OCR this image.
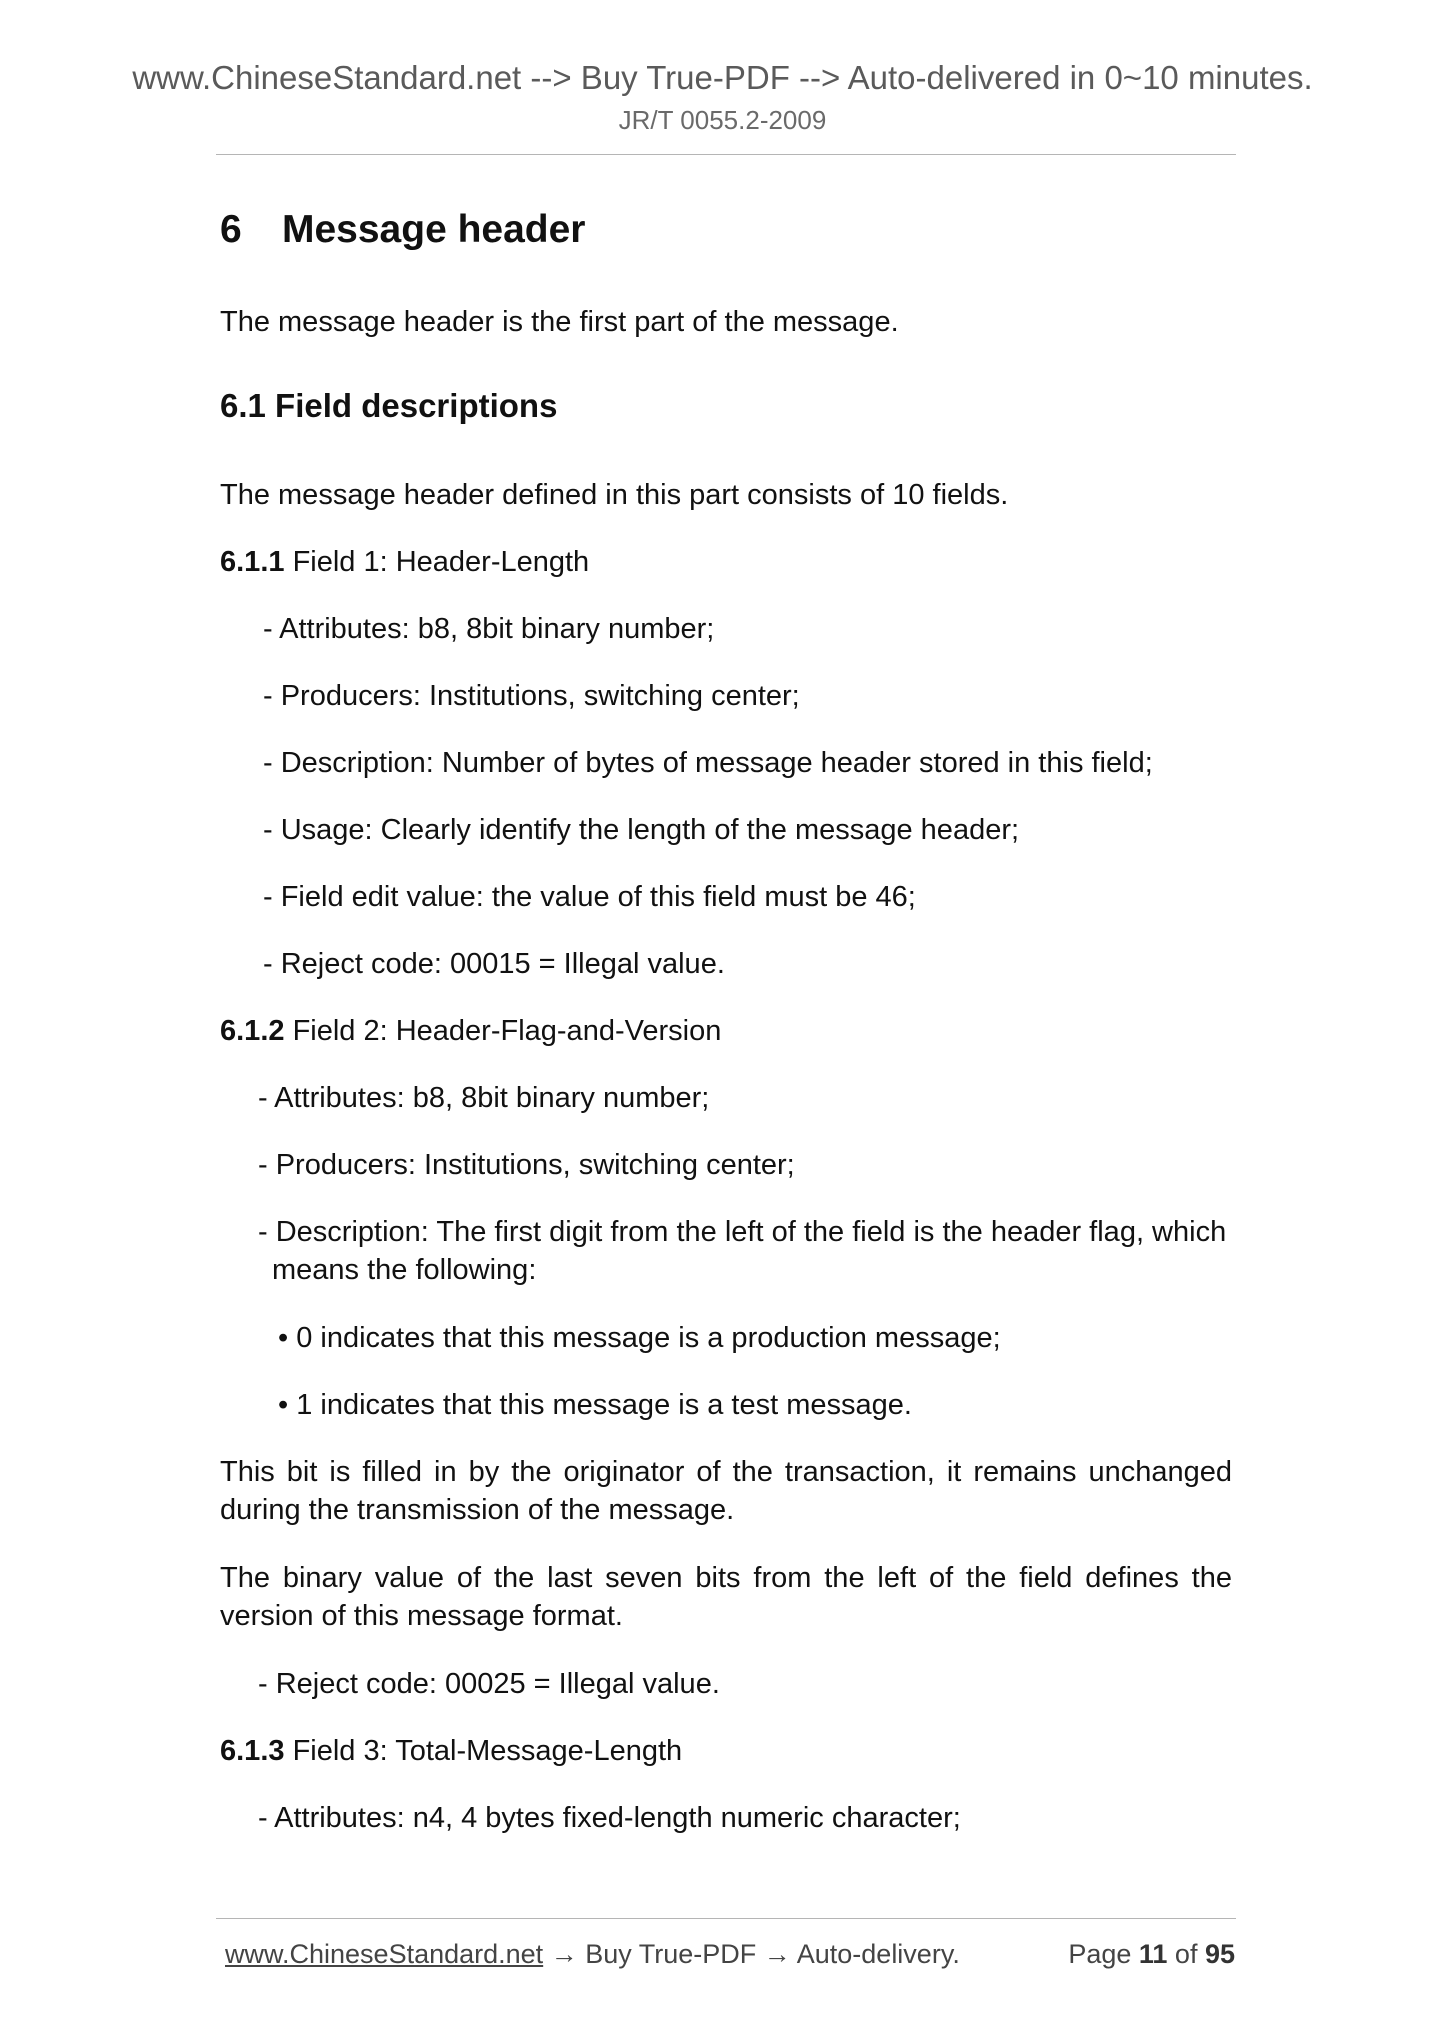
www.ChineseStandard.net --> Buy True-PDF --> Auto-delivered in 0~10 minutes.
JR/T 0055.2-2009
6 Message header
The message header is the first part of the message.
6.1 Field descriptions
The message header defined in this part consists of 10 fields.
6.1.1 Field 1: Header-Length
- Attributes: b8, 8bit binary number;
- Producers: Institutions, switching center;
- Description: Number of bytes of message header stored in this field;
- Usage: Clearly identify the length of the message header;
- Field edit value: the value of this field must be 46;
- Reject code: 00015 = Illegal value.
6.1.2 Field 2: Header-Flag-and-Version
- Attributes: b8, 8bit binary number;
- Producers: Institutions, switching center;
- Description: The first digit from the left of the field is the header flag, which means the following:
• 0 indicates that this message is a production message;
• 1 indicates that this message is a test message.
This bit is filled in by the originator of the transaction, it remains unchanged during the transmission of the message.
The binary value of the last seven bits from the left of the field defines the version of this message format.
- Reject code: 00025 = Illegal value.
6.1.3 Field 3: Total-Message-Length
- Attributes: n4, 4 bytes fixed-length numeric character;
www.ChineseStandard.net → Buy True-PDF → Auto-delivery.	Page 11 of 95
